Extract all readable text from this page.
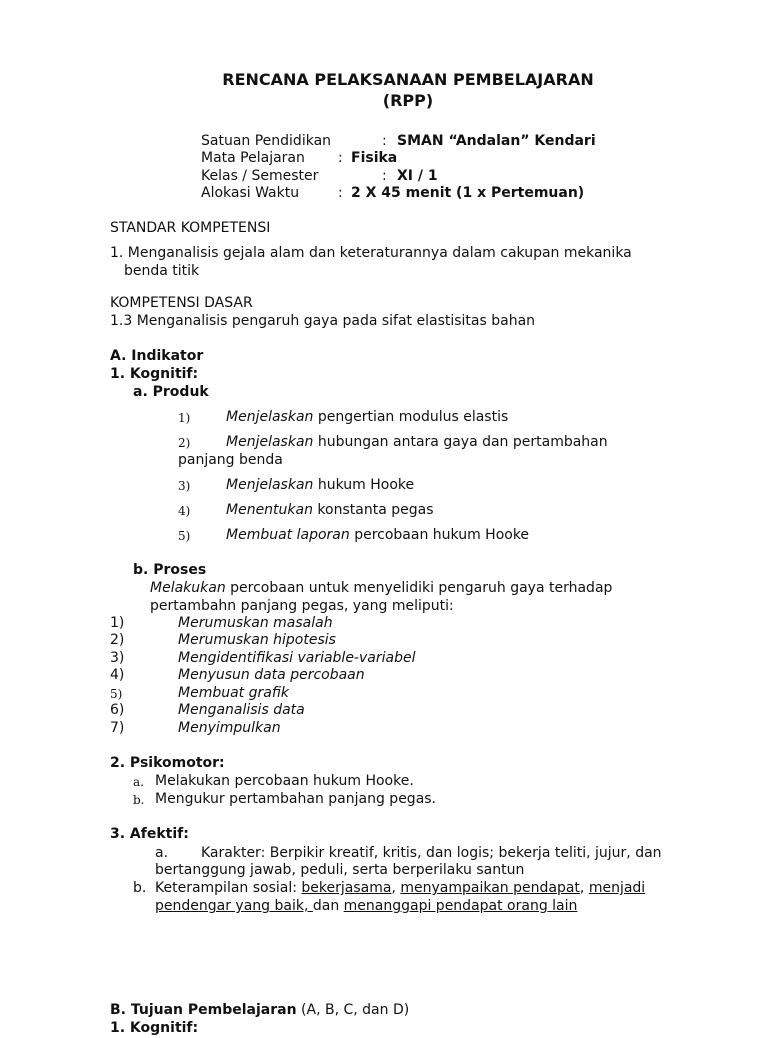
RENCANA PELAKSANAAN PEMBELAJARAN
(RPP)
Satuan Pendidikan	: SMAN “Andalan” Kendari
Mata Pelajaran : Fisika
Kelas / Semester	: XI / 1
Alokasi Waktu	: 2 X 45 menit (1 x Pertemuan)
STANDAR KOMPETENSI
1. Menganalisis gejala alam dan keteraturannya dalam cakupan mekanika
benda titik
KOMPETENSI DASAR
1.3 Menganalisis pengaruh gaya pada sifat elastisitas bahan
A. Indikator
1. Kognitif:
a. Produk
1)	Menjelaskan pengertian modulus elastis
2)	Menjelaskan hubungan antara gaya dan pertambahan
panjang benda
3)	Menjelaskan hukum Hooke
4)	Menentukan konstanta pegas
5)	Membuat laporan percobaan hukum Hooke
b. Proses
Melakukan percobaan untuk menyelidiki pengaruh gaya terhadap
pertambahn panjang pegas, yang meliputi:
1)	Merumuskan masalah
2)	Merumuskan hipotesis
3)	Mengidentifikasi variable-variabel
4)	Menyusun data percobaan
5)	Membuat grafik
6)	Menganalisis data
7)	Menyimpulkan
2. Psikomotor:
a. Melakukan percobaan hukum Hooke.
b. Mengukur pertambahan panjang pegas.
3. Afektif:
a. Karakter: Berpikir kreatif, kritis, dan logis; bekerja teliti, jujur, dan
bertanggung jawab, peduli, serta berperilaku santun
b. Keterampilan sosial: bekerjasama, menyampaikan pendapat, menjadi
pendengar yang baik, dan menanggapi pendapat orang lain
B. Tujuan Pembelajaran (A, B, C, dan D)
1. Kognitif:
